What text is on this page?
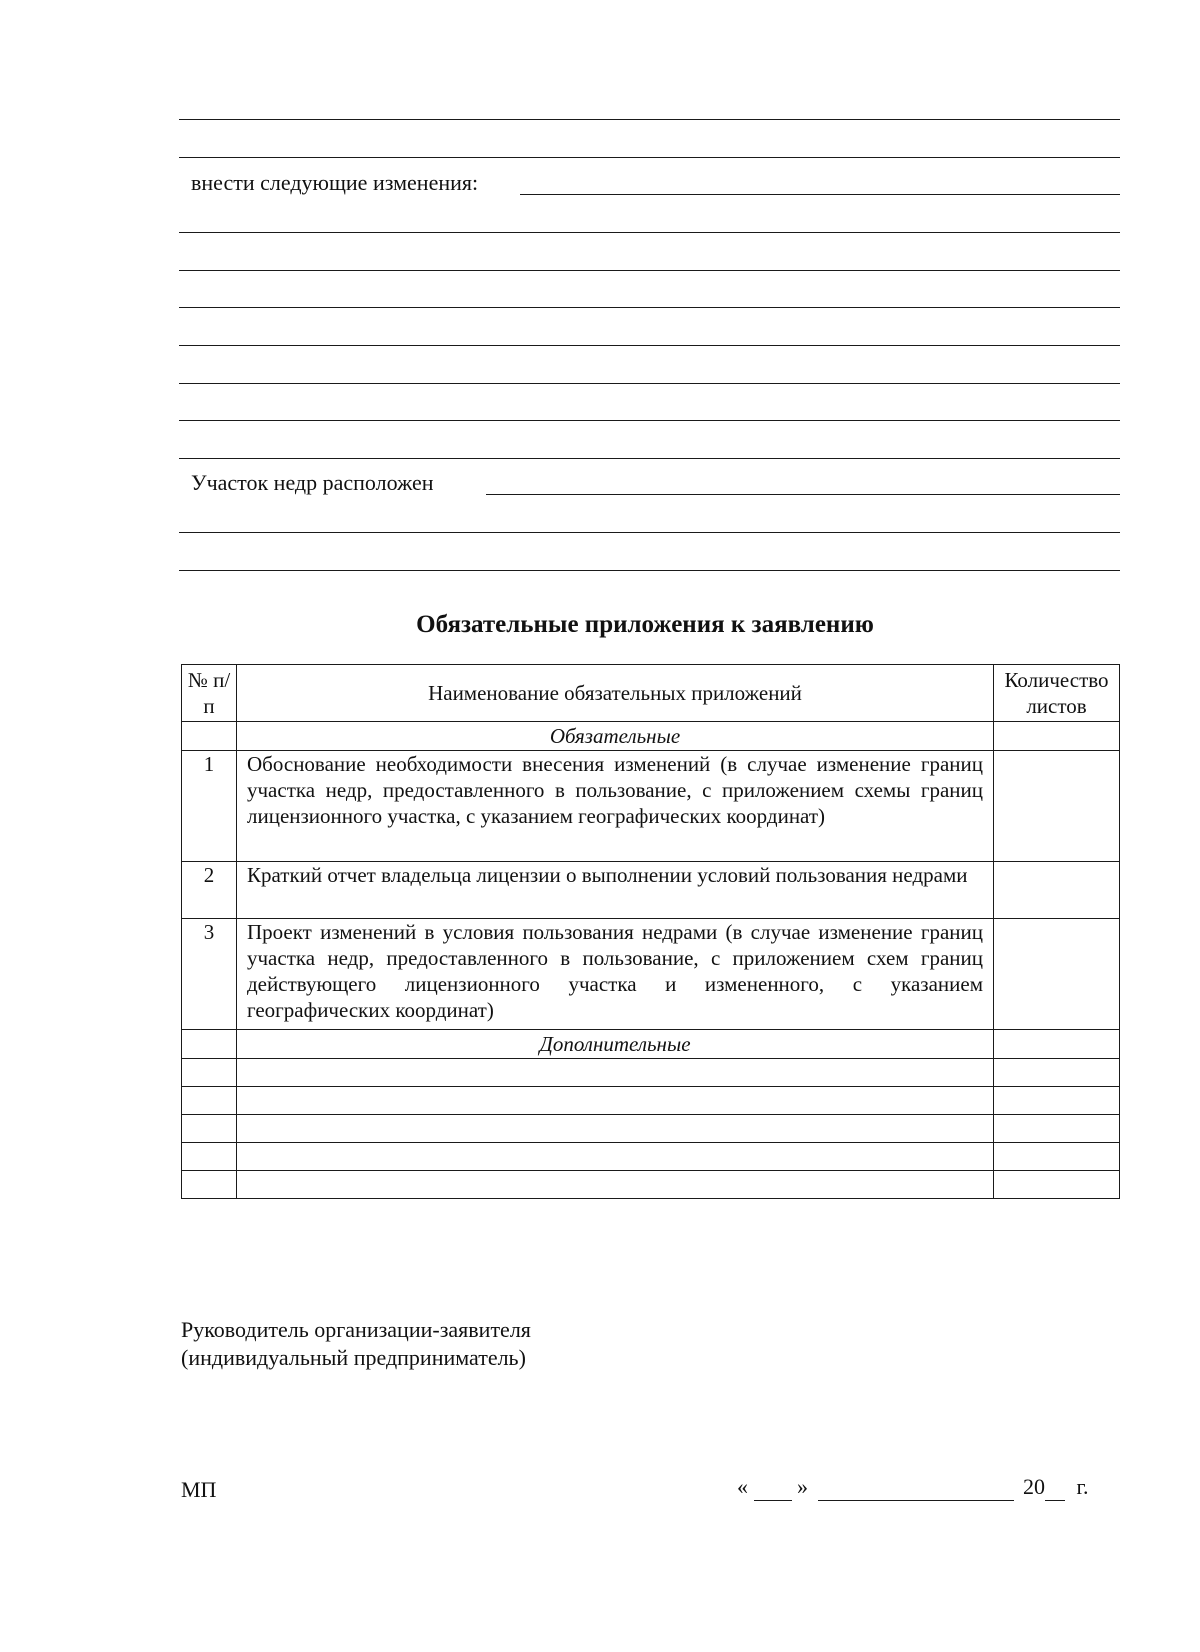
внести следующие изменения:
Участок недр расположен
Обязательные приложения к заявлению
№ п/п	Наименование обязательных приложений	Количество листов
	Обязательные	
1	Обоснование необходимости внесения изменений (в случае изменение границ участка недр, предоставленного в пользование, с приложением схемы границ лицензионного участка, с указанием географических координат)	
2	Краткий отчет владельца лицензии о выполнении условий пользования недрами	
3	Проект изменений в условия пользования недрами (в случае изменение границ участка недр, предоставленного в пользование, с приложением схем границ действующего лицензионного участка и измененного, с указанием географических координат)	
	Дополнительные	

Руководитель организации-заявителя
(индивидуальный предприниматель)
МП	« »	20 г.
